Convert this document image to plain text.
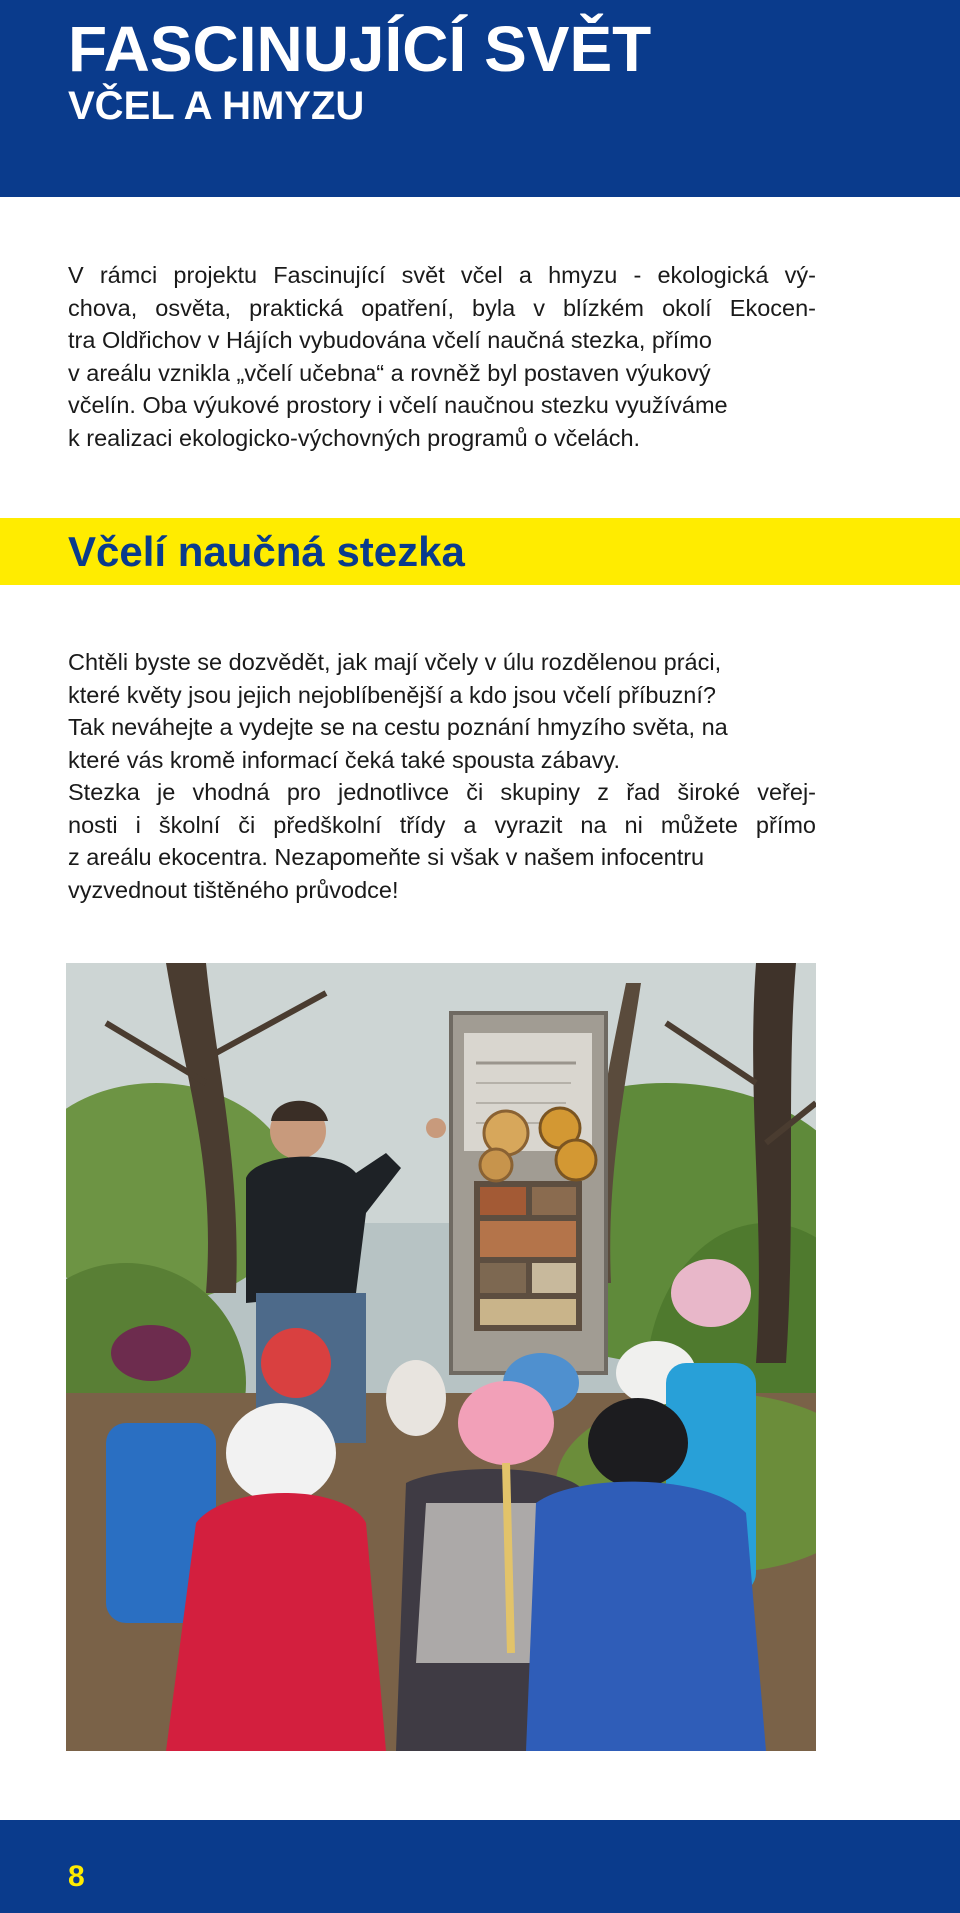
FASCINUJÍCÍ SVĚT
VČEL A HMYZU

V rámci projektu Fascinující svět včel a hmyzu - ekologická vý-
chova, osvěta, praktická opatření, byla v blízkém okolí Ekocen-
tra Oldřichov v Hájích vybudována včelí naučná stezka, přímo
v areálu vznikla „včelí učebna“ a rovněž byl postaven výukový
včelín. Oba výukové prostory i včelí naučnou stezku využíváme
k realizaci ekologicko-výchovných programů o včelách.

Včelí naučná stezka

Chtěli byste se dozvědět, jak mají včely v úlu rozdělenou práci,
které květy jsou jejich nejoblíbenější a kdo jsou včelí příbuzní?
Tak neváhejte a vydejte se na cestu poznání hmyzího světa, na
které vás kromě informací čeká také spousta zábavy.
Stezka je vhodná pro jednotlivce či skupiny z řad široké veřej-
nosti i školní či předškolní třídy a vyrazit na ni můžete přímo
z areálu ekocentra. Nezapomeňte si však v našem infocentru
vyzvednout tištěného průvodce!

8
